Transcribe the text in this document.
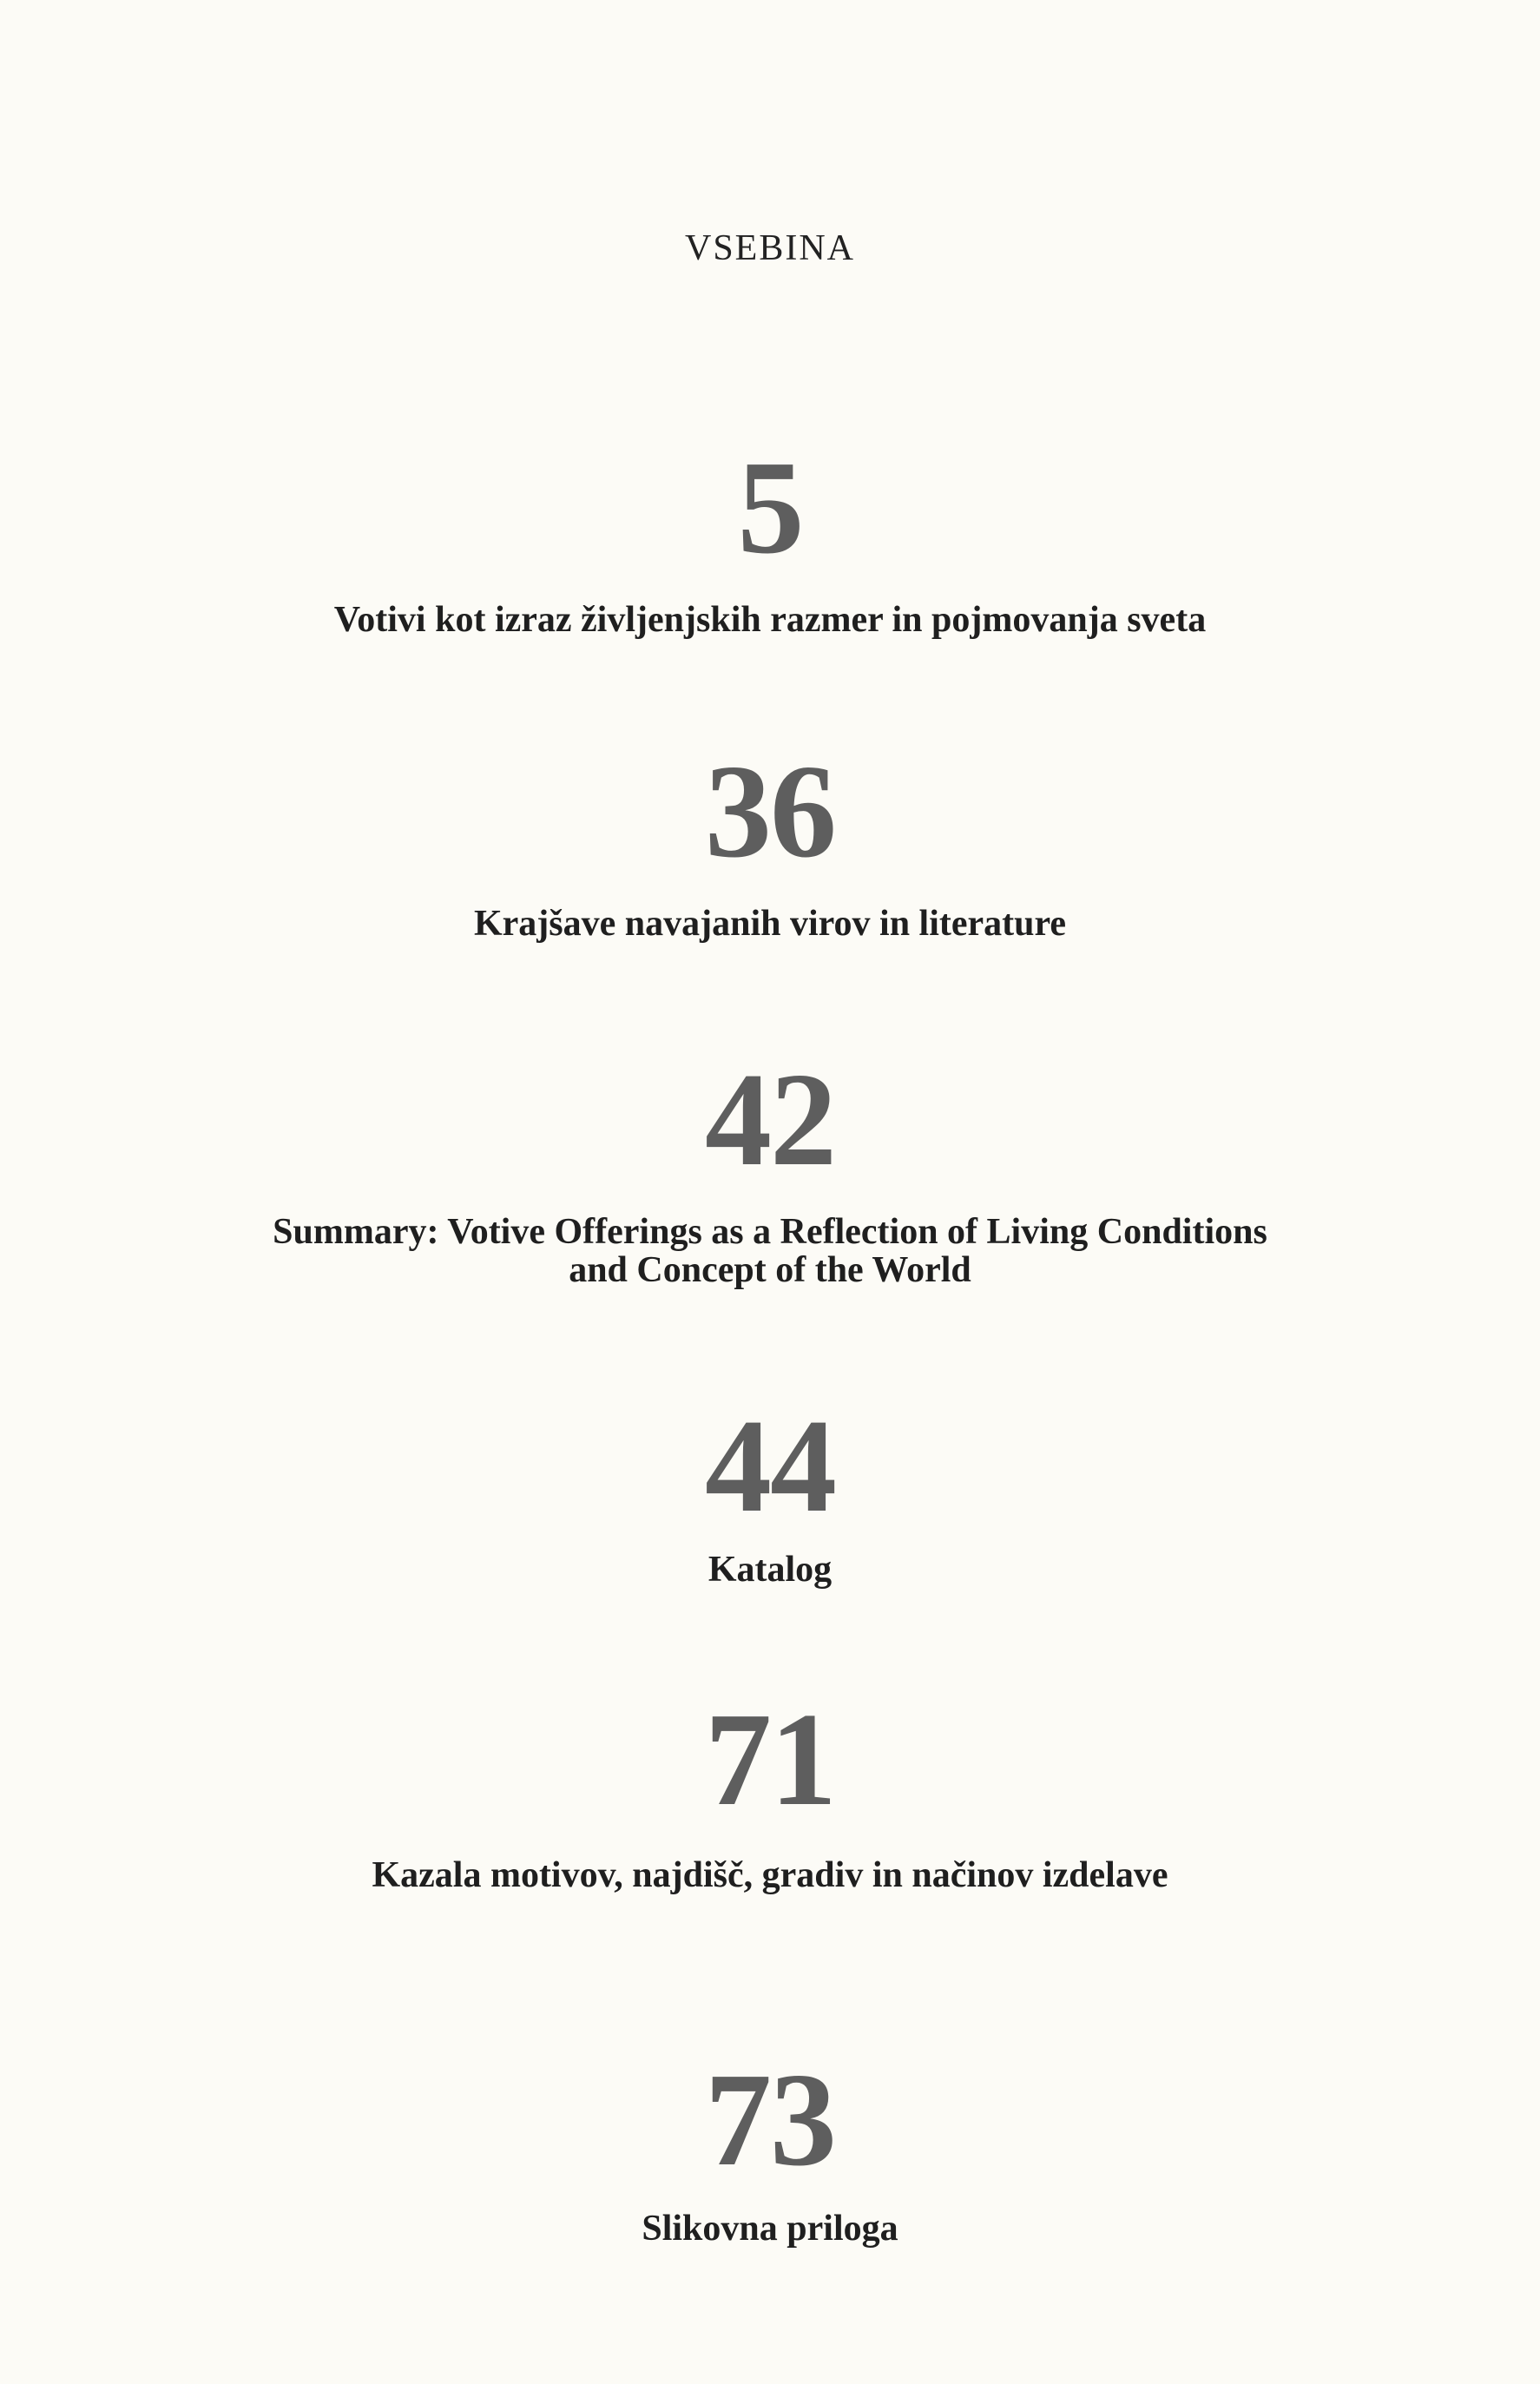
VSEBINA
5
Votivi kot izraz življenjskih razmer in pojmovanja sveta
36
Krajšave navajanih virov in literature
42
Summary: Votive Offerings as a Reflection of Living Conditions
and Concept of the World
44
Katalog
71
Kazala motivov, najdišč, gradiv in načinov izdelave
73
Slikovna priloga
